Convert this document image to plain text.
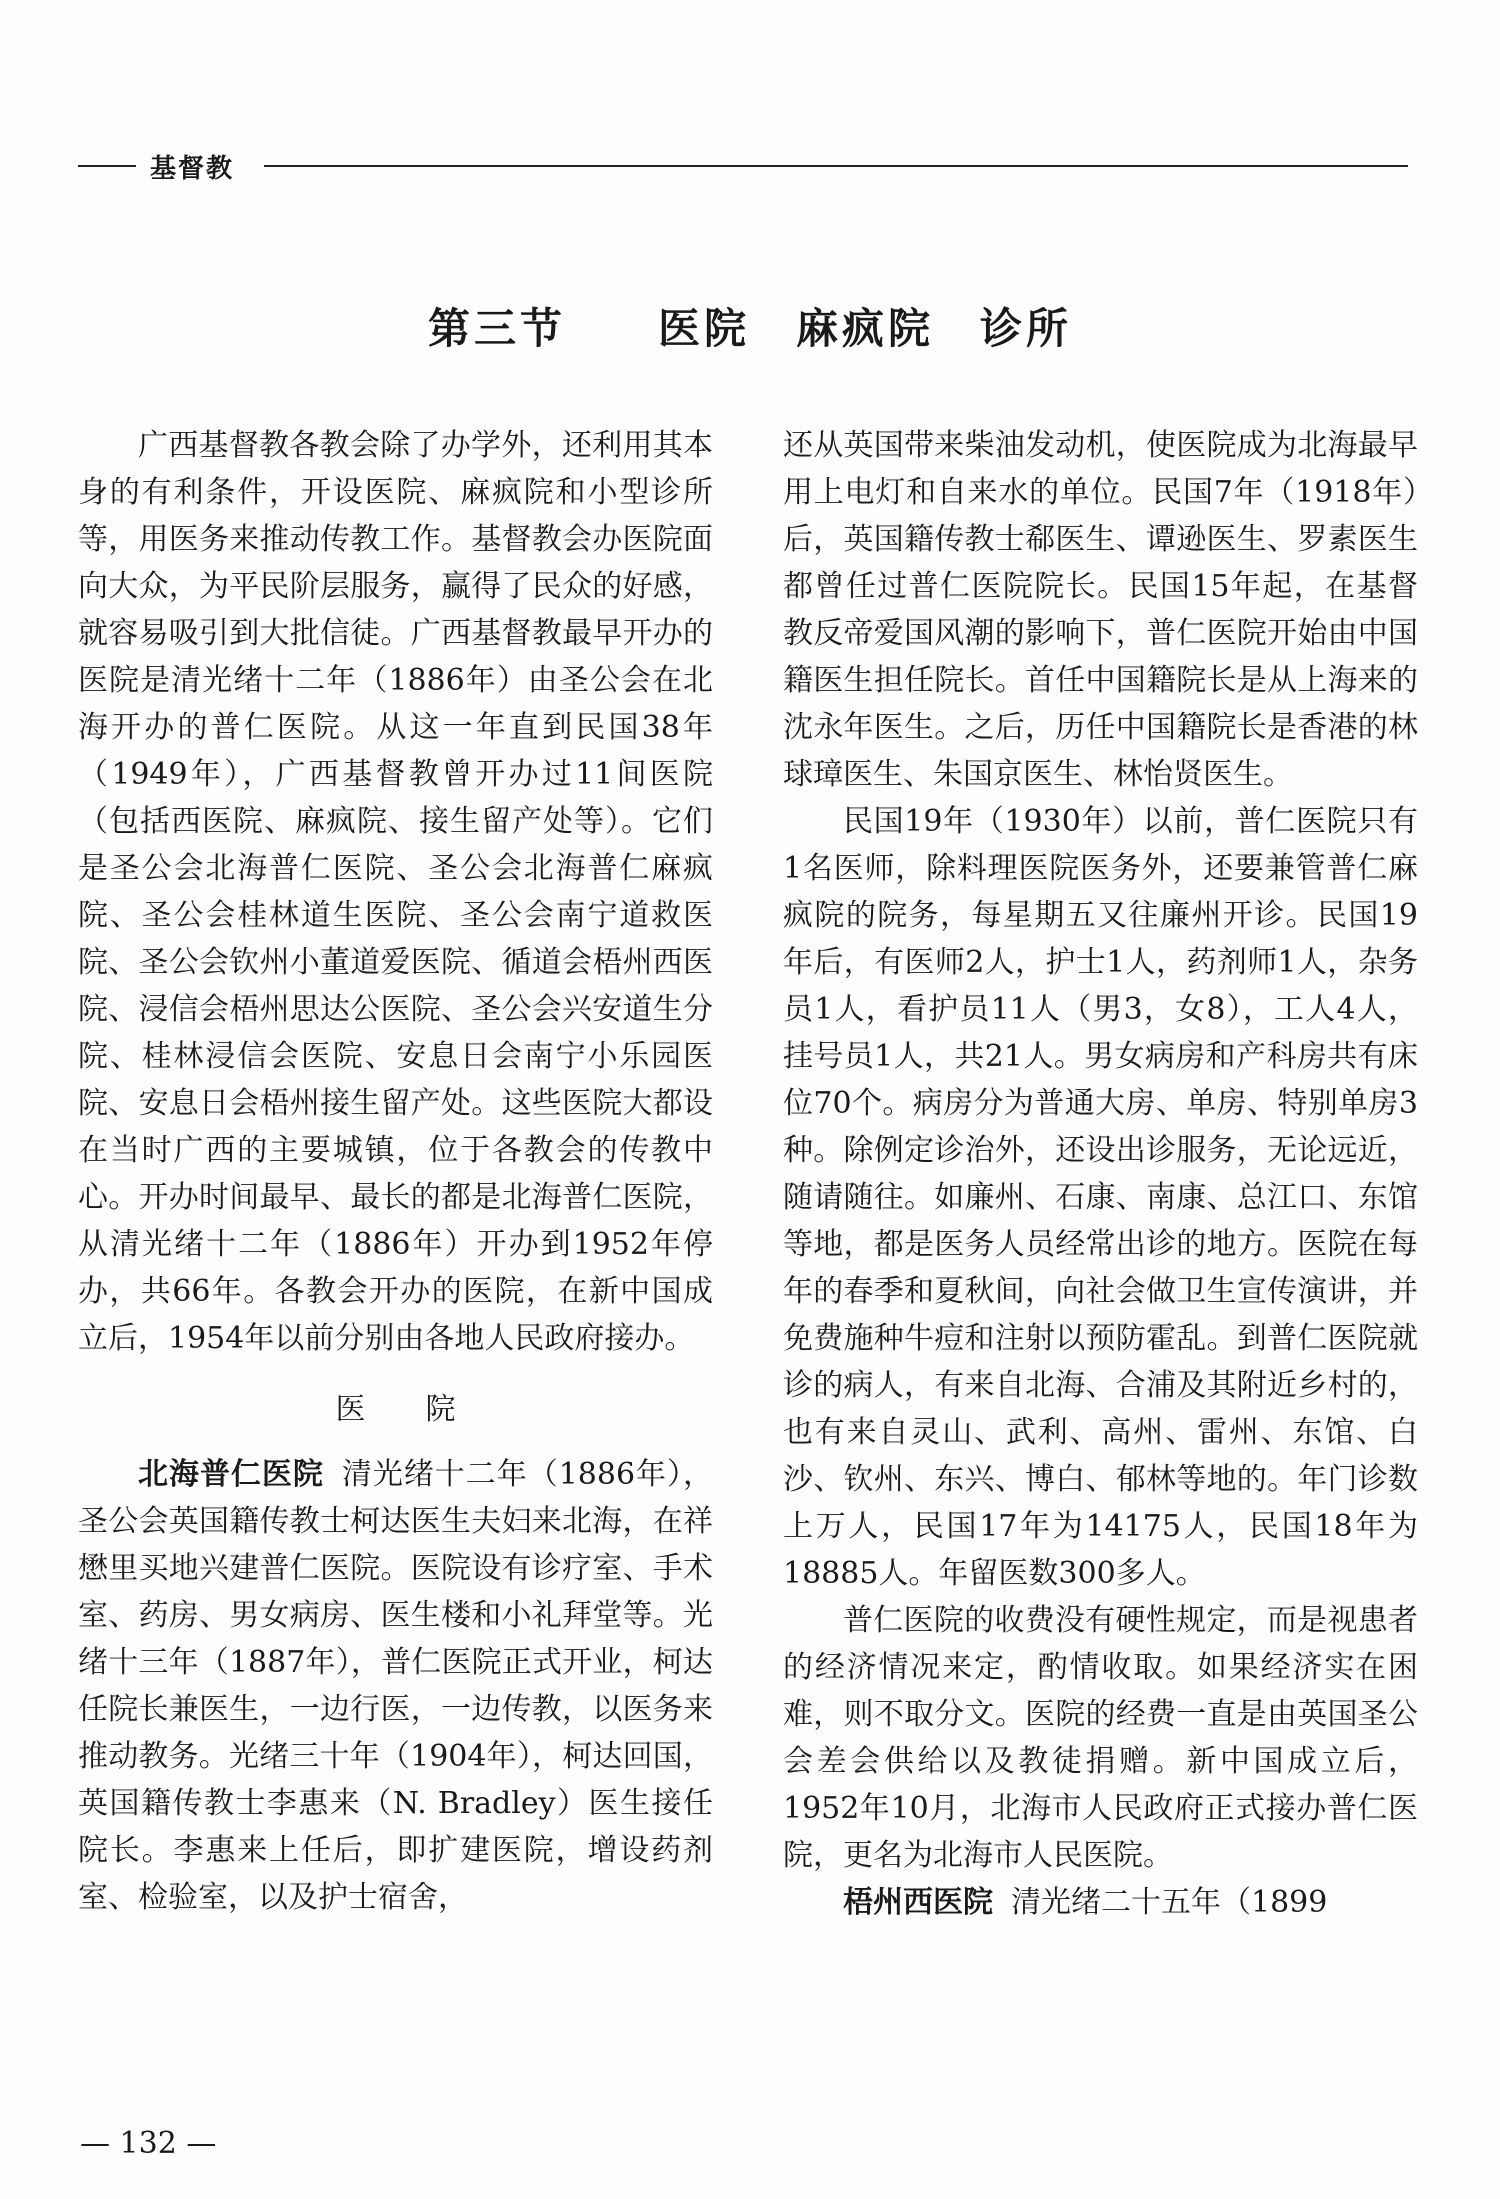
基督教
第三节　　医院　麻疯院　诊所

广西基督教各教会除了办学外，还利用其本身的有利条件，开设医院、麻疯院和小型诊所等，用医务来推动传教工作。基督教会办医院面向大众，为平民阶层服务，赢得了民众的好感，就容易吸引到大批信徒。广西基督教最早开办的医院是清光绪十二年（1886年）由圣公会在北海开办的普仁医院。从这一年直到民国38年（1949年），广西基督教曾开办过11间医院（包括西医院、麻疯院、接生留产处等）。它们是圣公会北海普仁医院、圣公会北海普仁麻疯院、圣公会桂林道生医院、圣公会南宁道救医院、圣公会钦州小董道爱医院、循道会梧州西医院、浸信会梧州思达公医院、圣公会兴安道生分院、桂林浸信会医院、安息日会南宁小乐园医院、安息日会梧州接生留产处。这些医院大都设在当时广西的主要城镇，位于各教会的传教中心。开办时间最早、最长的都是北海普仁医院，从清光绪十二年（1886年）开办到1952年停办，共66年。各教会开办的医院，在新中国成立后，1954年以前分别由各地人民政府接办。

医院

北海普仁医院 清光绪十二年（1886年），圣公会英国籍传教士柯达医生夫妇来北海，在祥懋里买地兴建普仁医院。医院设有诊疗室、手术室、药房、男女病房、医生楼和小礼拜堂等。光绪十三年（1887年），普仁医院正式开业，柯达任院长兼医生，一边行医，一边传教，以医务来推动教务。光绪三十年（1904年），柯达回国，英国籍传教士李惠来（N. Bradley）医生接任院长。李惠来上任后，即扩建医院，增设药剂室、检验室，以及护士宿舍，

还从英国带来柴油发动机，使医院成为北海最早用上电灯和自来水的单位。民国7年（1918年）后，英国籍传教士郗医生、谭逊医生、罗素医生都曾任过普仁医院院长。民国15年起，在基督教反帝爱国风潮的影响下，普仁医院开始由中国籍医生担任院长。首任中国籍院长是从上海来的沈永年医生。之后，历任中国籍院长是香港的林球璋医生、朱国京医生、林怡贤医生。

民国19年（1930年）以前，普仁医院只有1名医师，除料理医院医务外，还要兼管普仁麻疯院的院务，每星期五又往廉州开诊。民国19年后，有医师2人，护士1人，药剂师1人，杂务员1人，看护员11人（男3，女8），工人4人，挂号员1人，共21人。男女病房和产科房共有床位70个。病房分为普通大房、单房、特别单房3种。除例定诊治外，还设出诊服务，无论远近，随请随往。如廉州、石康、南康、总江口、东馆等地，都是医务人员经常出诊的地方。医院在每年的春季和夏秋间，向社会做卫生宣传演讲，并免费施种牛痘和注射以预防霍乱。到普仁医院就诊的病人，有来自北海、合浦及其附近乡村的，也有来自灵山、武利、高州、雷州、东馆、白沙、钦州、东兴、博白、郁林等地的。年门诊数上万人，民国17年为14175人，民国18年为18885人。年留医数300多人。

普仁医院的收费没有硬性规定，而是视患者的经济情况来定，酌情收取。如果经济实在困难，则不取分文。医院的经费一直是由英国圣公会差会供给以及教徒捐赠。新中国成立后，1952年10月，北海市人民政府正式接办普仁医院，更名为北海市人民医院。

梧州西医院 清光绪二十五年（1899

— 132 —
